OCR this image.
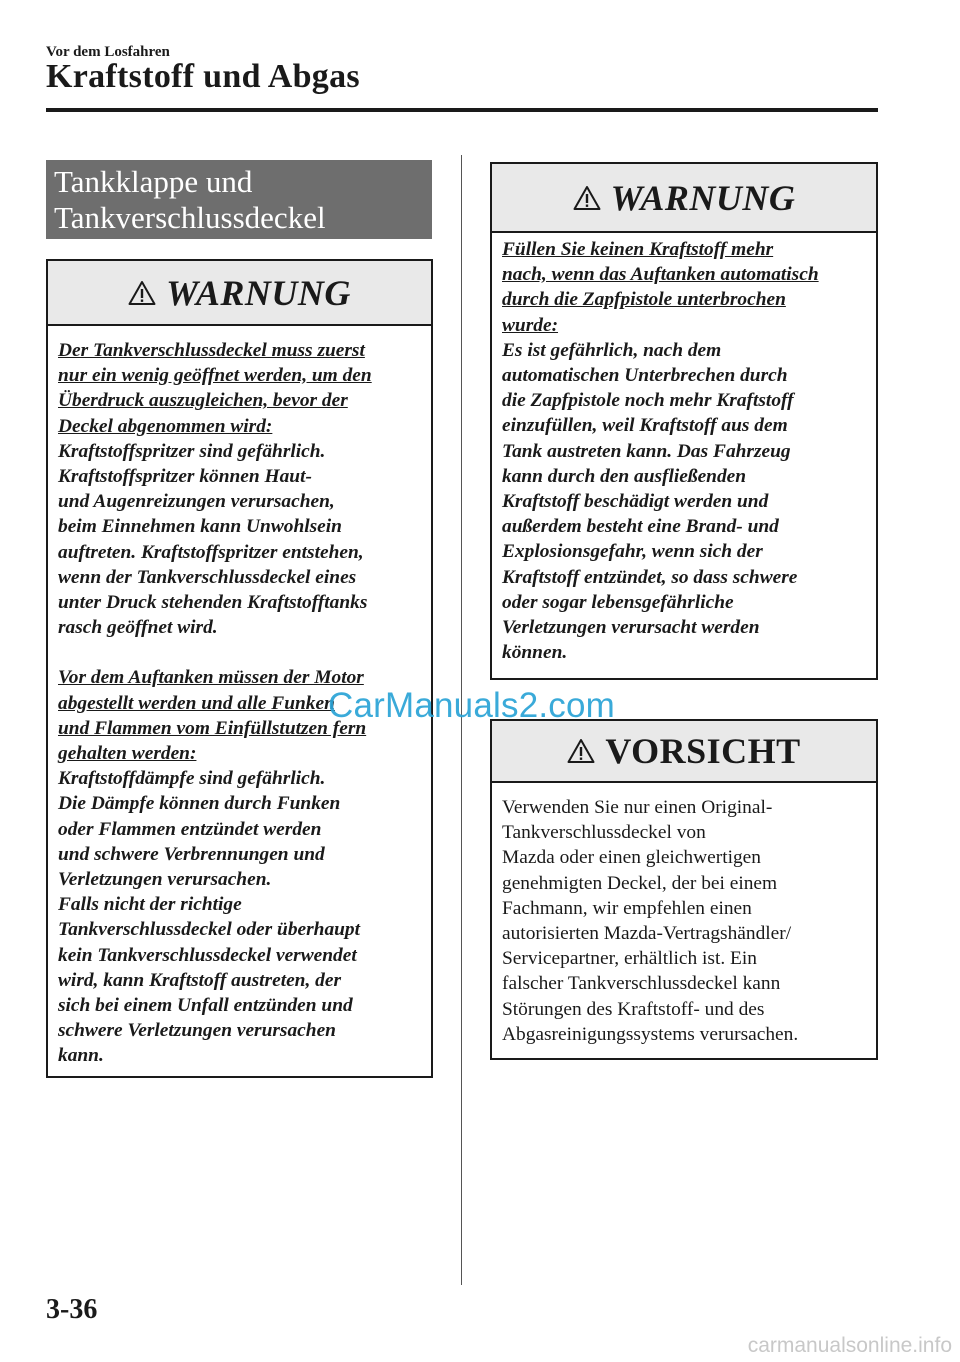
Vor dem Losfahren
Kraftstoff und Abgas
Tankklappe und
Tankverschlussdeckel
WARNUNG

Der Tankverschlussdeckel muss zuerst

nur ein wenig geöffnet werden, um den

Überdruck auszugleichen, bevor der

Deckel abgenommen wird:

Kraftstoffspritzer sind gefährlich.

Kraftstoffspritzer können Haut-

und Augenreizungen verursachen,

beim Einnehmen kann Unwohlsein

auftreten. Kraftstoffspritzer entstehen,

wenn der Tankverschlussdeckel eines

unter Druck stehenden Kraftstofftanks

rasch geöffnet wird.

Vor dem Auftanken müssen der Motor

abgestellt werden und alle Funken

und Flammen vom Einfüllstutzen fern

gehalten werden:

Kraftstoffdämpfe sind gefährlich.

Die Dämpfe können durch Funken

oder Flammen entzündet werden

und schwere Verbrennungen und

Verletzungen verursachen.

Falls nicht der richtige

Tankverschlussdeckel oder überhaupt

kein Tankverschlussdeckel verwendet

wird, kann Kraftstoff austreten, der

sich bei einem Unfall entzünden und

schwere Verletzungen verursachen

kann.

WARNUNG

Füllen Sie keinen Kraftstoff mehr

nach, wenn das Auftanken automatisch

durch die Zapfpistole unterbrochen

wurde:

Es ist gefährlich, nach dem

automatischen Unterbrechen durch

die Zapfpistole noch mehr Kraftstoff

einzufüllen, weil Kraftstoff aus dem

Tank austreten kann. Das Fahrzeug

kann durch den ausfließenden

Kraftstoff beschädigt werden und

außerdem besteht eine Brand- und

Explosionsgefahr, wenn sich der

Kraftstoff entzündet, so dass schwere

oder sogar lebensgefährliche

Verletzungen verursacht werden

können.

VORSICHT
Verwenden Sie nur einen Original-
Tankverschlussdeckel von
Mazda oder einen gleichwertigen
genehmigten Deckel, der bei einem
Fachmann, wir empfehlen einen
autorisierten Mazda-Vertragshändler/
Servicepartner, erhältlich ist. Ein
falscher Tankverschlussdeckel kann
Störungen des Kraftstoff- und des
Abgasreinigungssystems verursachen.
CarManuals2.com
3-36
carmanualsonline.info
